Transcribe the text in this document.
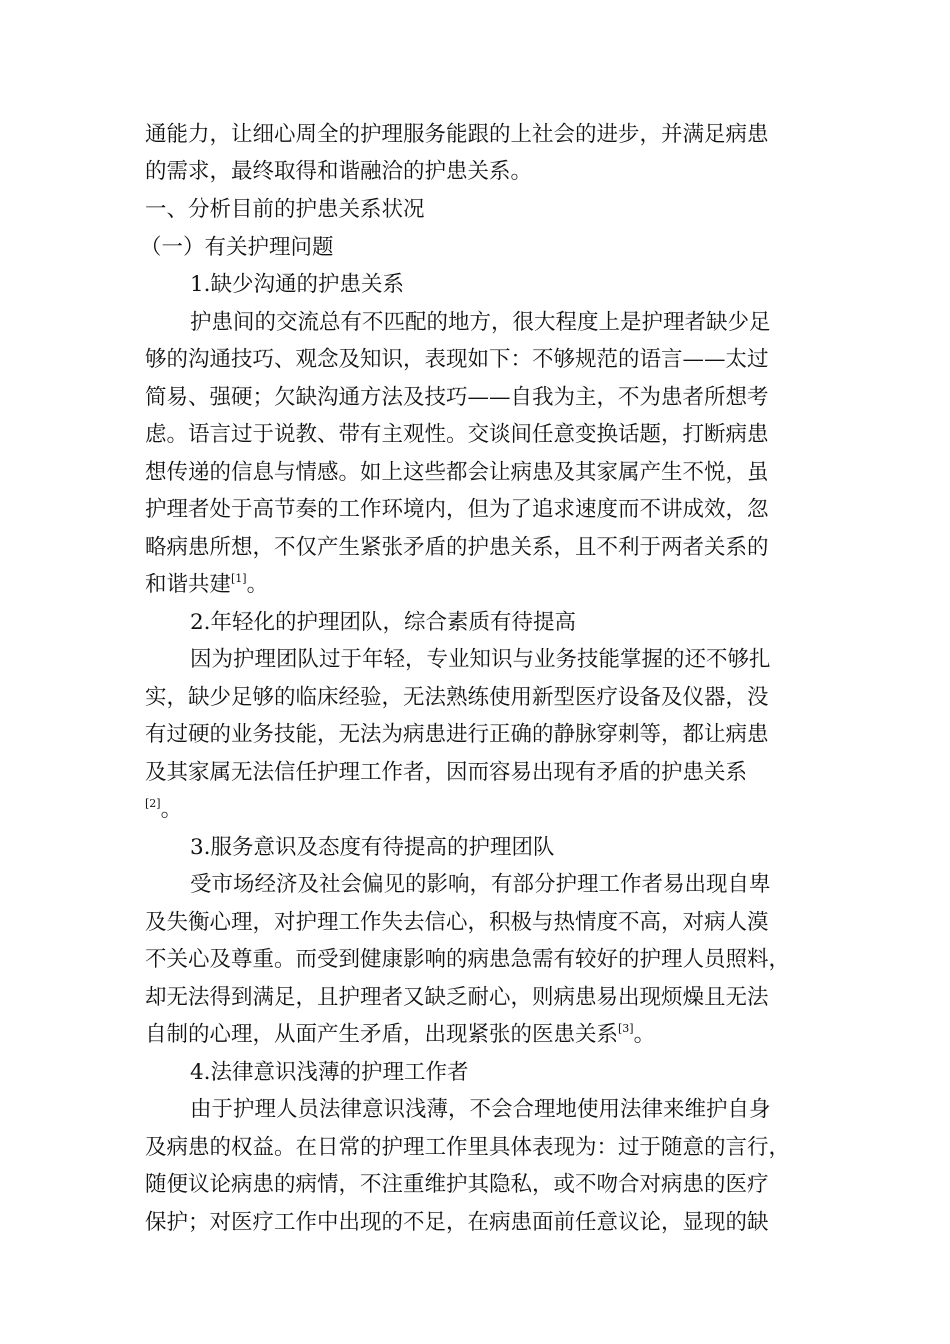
通能力，让细心周全的护理服务能跟的上社会的进步，并满足病患
的需求，最终取得和谐融洽的护患关系。
一、分析目前的护患关系状况
（一）有关护理问题
1.缺少沟通的护患关系
护患间的交流总有不匹配的地方，很大程度上是护理者缺少足
够的沟通技巧、观念及知识，表现如下：不够规范的语言——太过
简易、强硬；欠缺沟通方法及技巧——自我为主，不为患者所想考
虑。语言过于说教、带有主观性。交谈间任意变换话题，打断病患
想传递的信息与情感。如上这些都会让病患及其家属产生不悦，虽
护理者处于高节奏的工作环境内，但为了追求速度而不讲成效，忽
略病患所想，不仅产生紧张矛盾的护患关系，且不利于两者关系的
和谐共建[1]。
2.年轻化的护理团队，综合素质有待提高
因为护理团队过于年轻，专业知识与业务技能掌握的还不够扎
实，缺少足够的临床经验，无法熟练使用新型医疗设备及仪器，没
有过硬的业务技能，无法为病患进行正确的静脉穿刺等，都让病患
及其家属无法信任护理工作者，因而容易出现有矛盾的护患关系
[2]。
3.服务意识及态度有待提高的护理团队
受市场经济及社会偏见的影响，有部分护理工作者易出现自卑
及失衡心理，对护理工作失去信心，积极与热情度不高，对病人漠
不关心及尊重。而受到健康影响的病患急需有较好的护理人员照料，
却无法得到满足，且护理者又缺乏耐心，则病患易出现烦燥且无法
自制的心理，从面产生矛盾，出现紧张的医患关系[3]。
4.法律意识浅薄的护理工作者
由于护理人员法律意识浅薄，不会合理地使用法律来维护自身
及病患的权益。在日常的护理工作里具体表现为：过于随意的言行，
随便议论病患的病情，不注重维护其隐私，或不吻合对病患的医疗
保护；对医疗工作中出现的不足，在病患面前任意议论，显现的缺
